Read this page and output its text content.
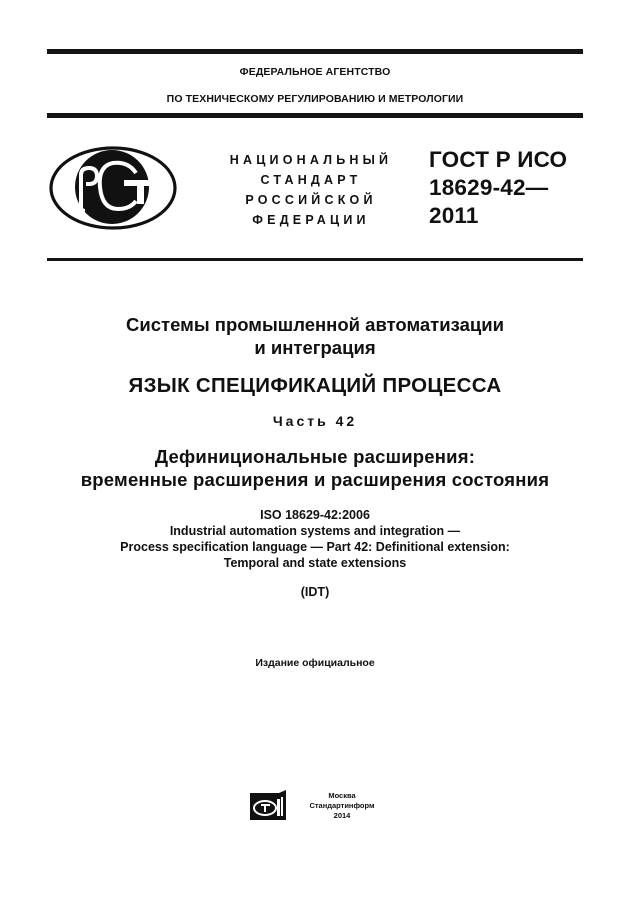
ФЕДЕРАЛЬНОЕ АГЕНТСТВО
ПО ТЕХНИЧЕСКОМУ РЕГУЛИРОВАНИЮ И МЕТРОЛОГИИ
НАЦИОНАЛЬНЫЙ
СТАНДАРТ
РОССИЙСКОЙ
ФЕДЕРАЦИИ
ГОСТ Р ИСО
18629-42—
2011
Системы промышленной автоматизации
и интеграция
ЯЗЫК СПЕЦИФИКАЦИЙ ПРОЦЕССА
Часть 42
Дефинициональные расширения:
временные расширения и расширения состояния
ISO 18629-42:2006
Industrial automation systems and integration —
Process specification language — Part 42: Definitional extension:
Temporal and state extensions
(IDT)
Издание официальное
Москва
Стандартинформ
2014
